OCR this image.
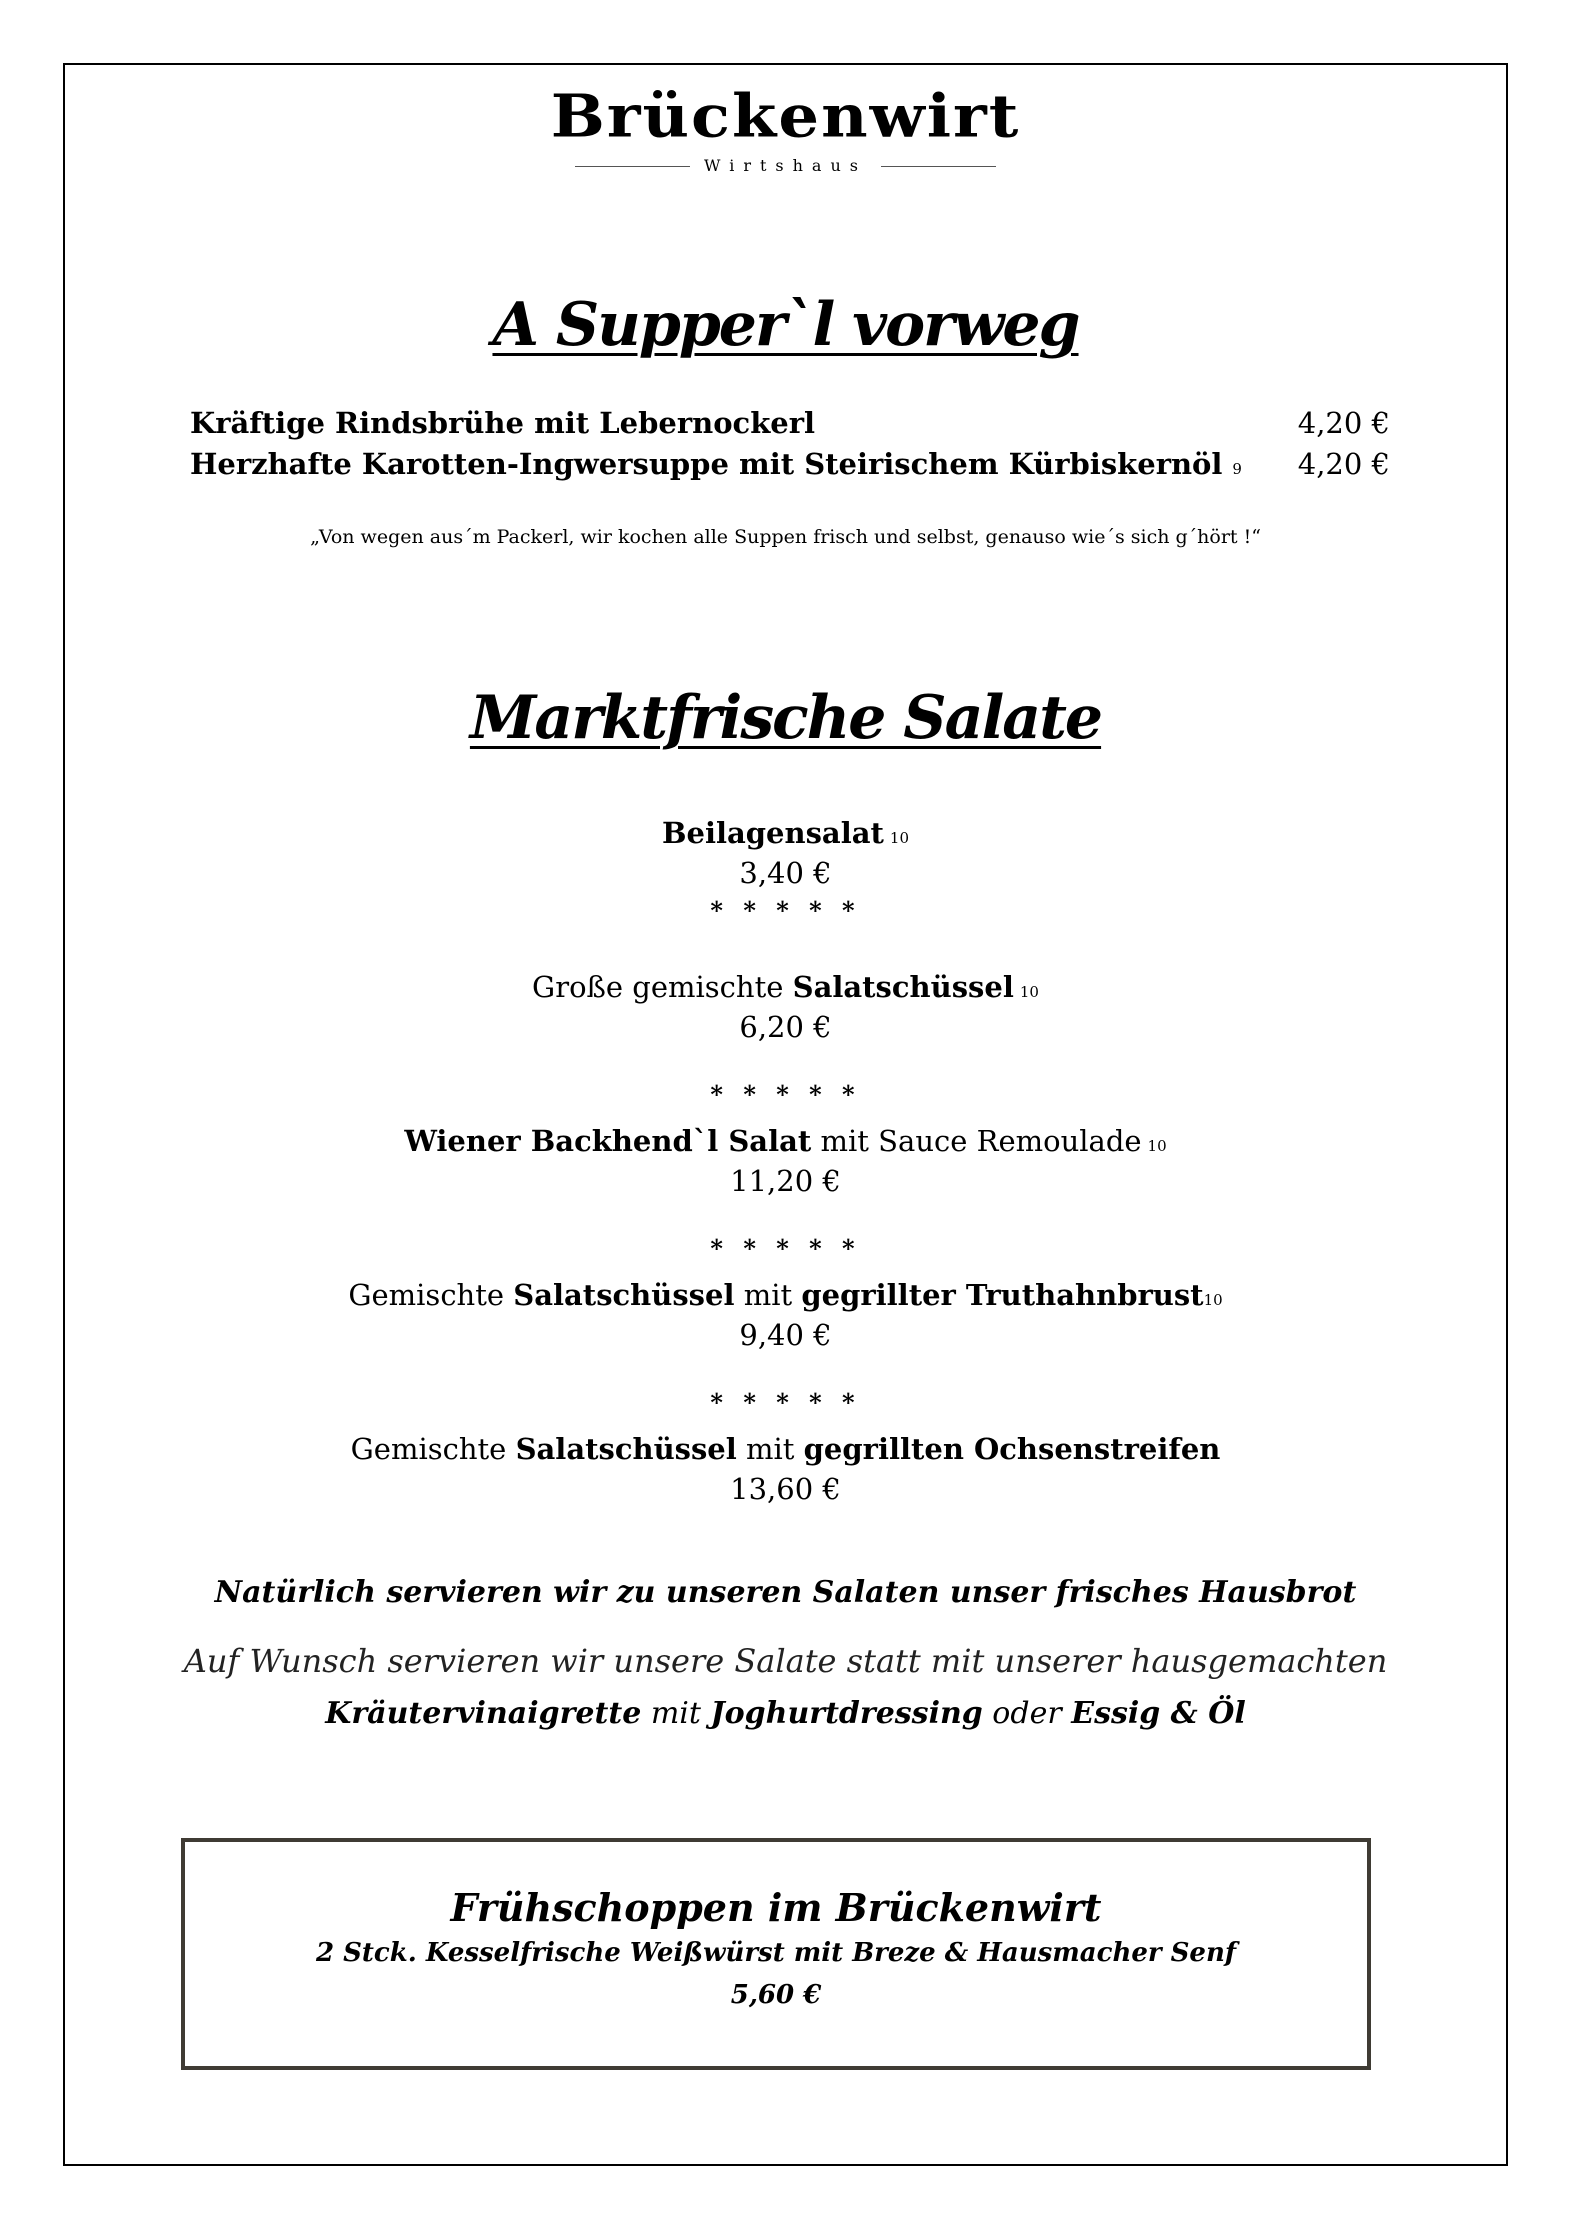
Brückenwirt
Wirtshaus
A Supper`l vorweg
Kräftige Rindsbrühe mit Lebernockerl	4,20 €
Herzhafte Karotten-Ingwersuppe mit Steirischem Kürbiskernöl 9 4,20 €
„Von wegen aus´m Packerl, wir kochen alle Suppen frisch und selbst, genauso wie´s sich g´hört !“
Marktfrische Salate
Beilagensalat 10
3,40 €
* * * * *
Große gemischte Salatschüssel 10
6,20 €
* * * * *
Wiener Backhend`l Salat mit Sauce Remoulade 10
11,20 €
* * * * *
Gemischte Salatschüssel mit gegrillter Truthahnbrust10
9,40 €
* * * * *
Gemischte Salatschüssel mit gegrillten Ochsenstreifen
13,60 €
Natürlich servieren wir zu unseren Salaten unser frisches Hausbrot
Auf Wunsch servieren wir unsere Salate statt mit unserer hausgemachten
Kräutervinaigrette mit Joghurtdressing oder Essig & Öl
Frühschoppen im Brückenwirt
2 Stck. Kesselfrische Weißwürst mit Breze & Hausmacher Senf
5,60 €
